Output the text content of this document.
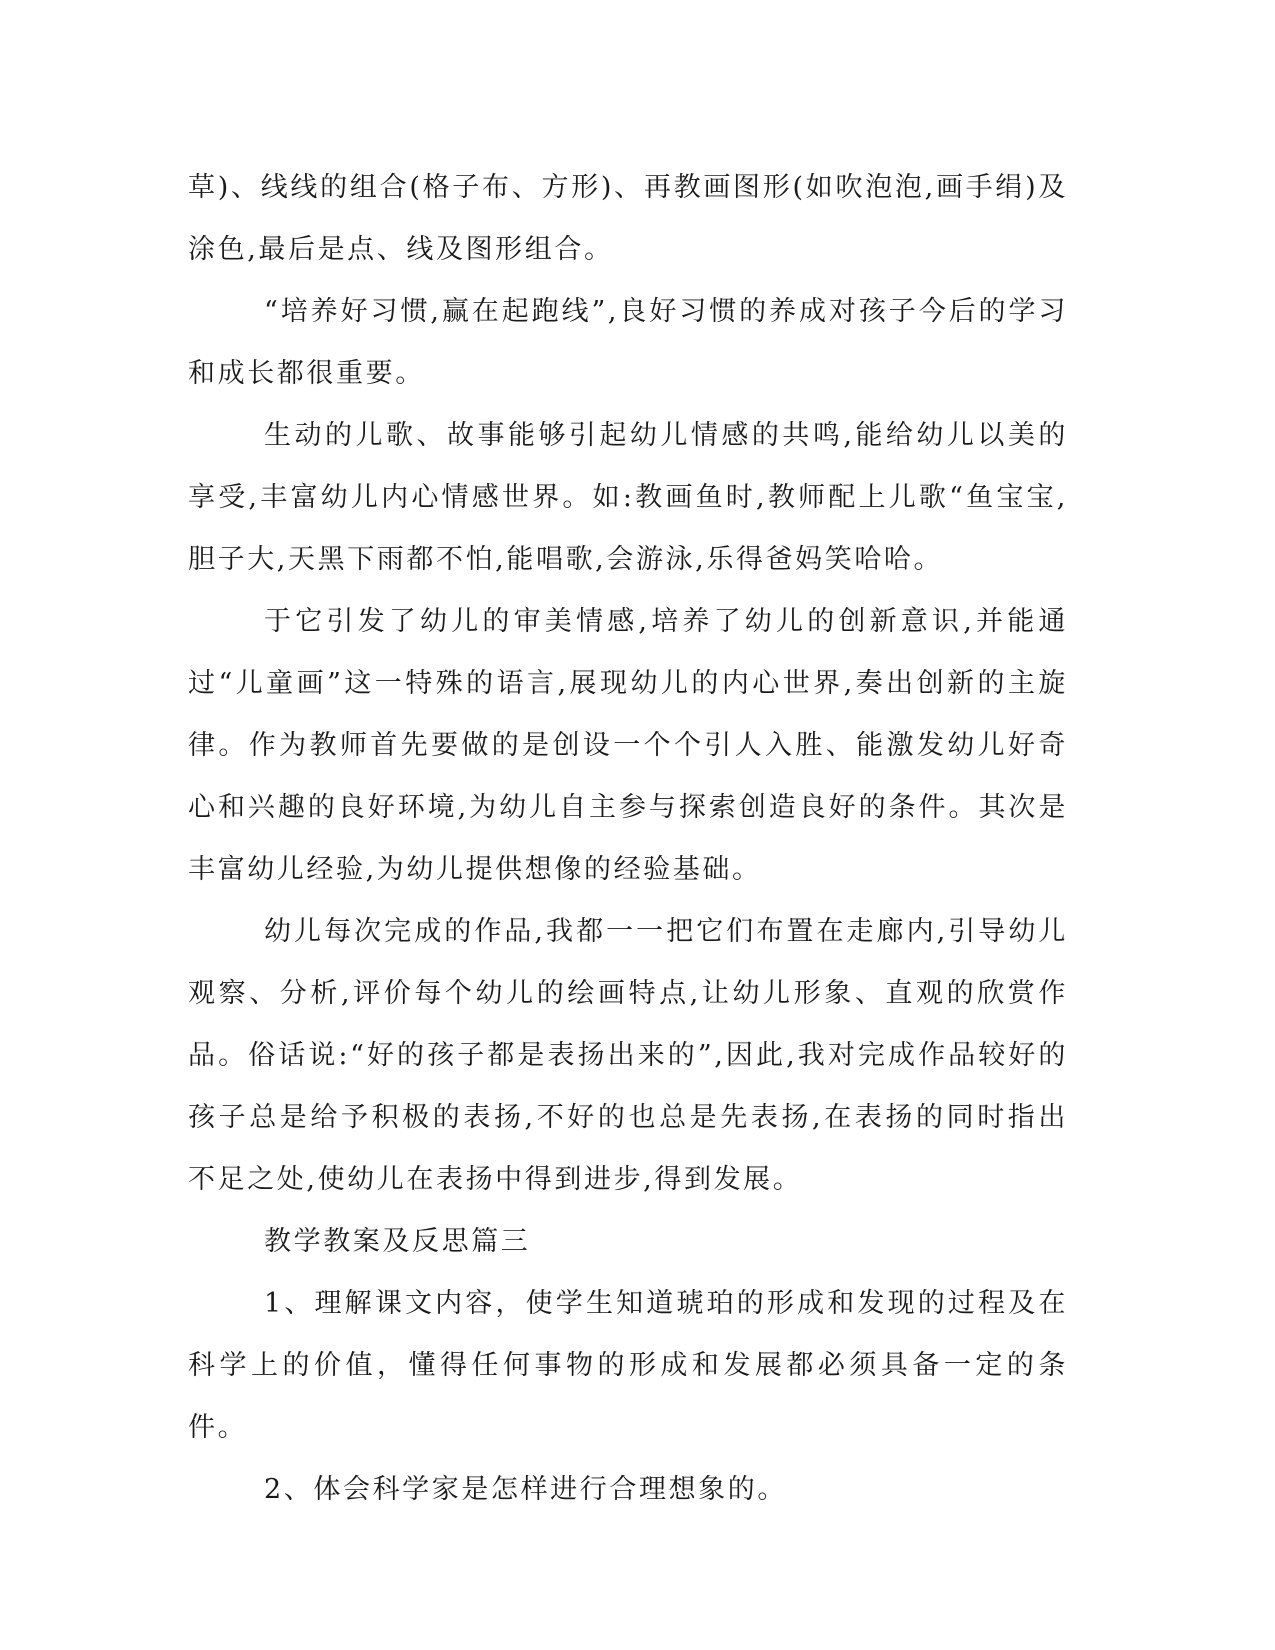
草)、线线的组合(格子布、方形)、再教画图形(如吹泡泡,画手绢)及涂色,最后是点、线及图形组合。

“培养好习惯,赢在起跑线”,良好习惯的养成对孩子今后的学习和成长都很重要。

生动的儿歌、故事能够引起幼儿情感的共鸣,能给幼儿以美的享受,丰富幼儿内心情感世界。如:教画鱼时,教师配上儿歌“鱼宝宝,胆子大,天黑下雨都不怕,能唱歌,会游泳,乐得爸妈笑哈哈。

于它引发了幼儿的审美情感,培养了幼儿的创新意识,并能通过“儿童画”这一特殊的语言,展现幼儿的内心世界,奏出创新的主旋律。作为教师首先要做的是创设一个个引人入胜、能激发幼儿好奇心和兴趣的良好环境,为幼儿自主参与探索创造良好的条件。其次是丰富幼儿经验,为幼儿提供想像的经验基础。

幼儿每次完成的作品,我都一一把它们布置在走廊内,引导幼儿观察、分析,评价每个幼儿的绘画特点,让幼儿形象、直观的欣赏作品。俗话说:“好的孩子都是表扬出来的”,因此,我对完成作品较好的孩子总是给予积极的表扬,不好的也总是先表扬,在表扬的同时指出不足之处,使幼儿在表扬中得到进步,得到发展。

教学教案及反思篇三

1、理解课文内容，使学生知道琥珀的形成和发现的过程及在科学上的价值，懂得任何事物的形成和发展都必须具备一定的条件。

2、体会科学家是怎样进行合理想象的。
